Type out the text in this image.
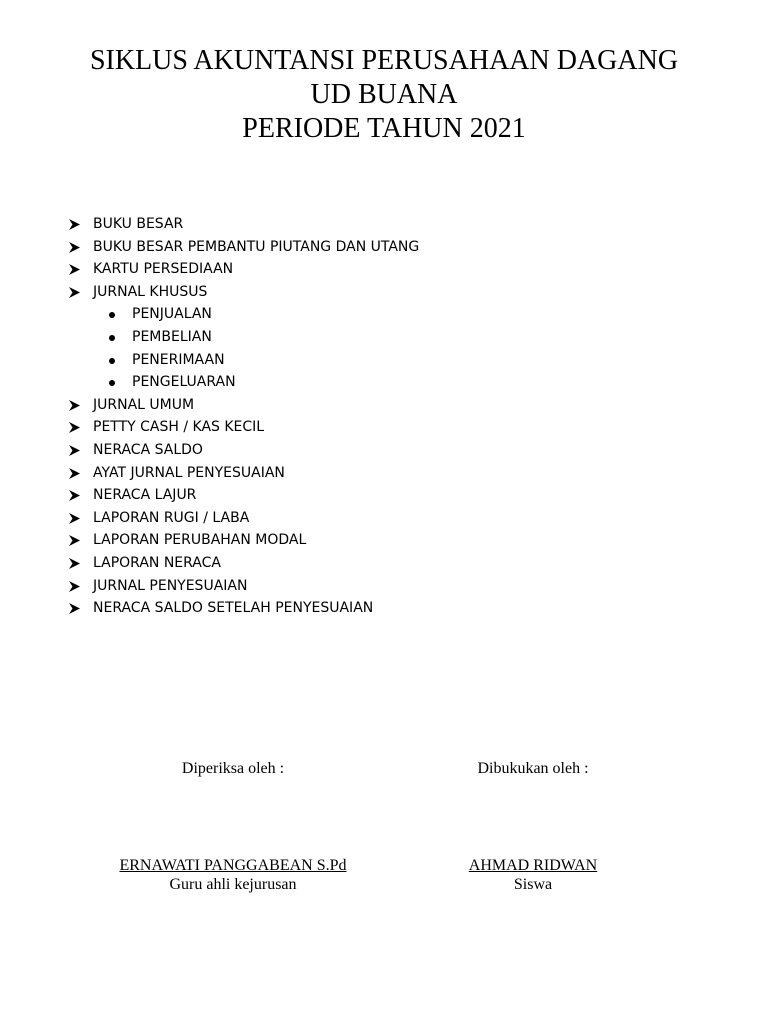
SIKLUS AKUNTANSI PERUSAHAAN DAGANG
UD BUANA
PERIODE TAHUN 2021
BUKU BESAR
BUKU BESAR PEMBANTU PIUTANG DAN UTANG
KARTU PERSEDIAAN
JURNAL KHUSUS
PENJUALAN
PEMBELIAN
PENERIMAAN
PENGELUARAN
JURNAL UMUM
PETTY CASH / KAS KECIL
NERACA SALDO
AYAT JURNAL PENYESUAIAN
NERACA LAJUR
LAPORAN RUGI / LABA
LAPORAN PERUBAHAN MODAL
LAPORAN NERACA
JURNAL PENYESUAIAN
NERACA SALDO SETELAH PENYESUAIAN
Diperiksa oleh :	Dibukukan oleh :
ERNAWATI PANGGABEAN S.Pd
Guru ahli kejurusan
AHMAD RIDWAN
Siswa
